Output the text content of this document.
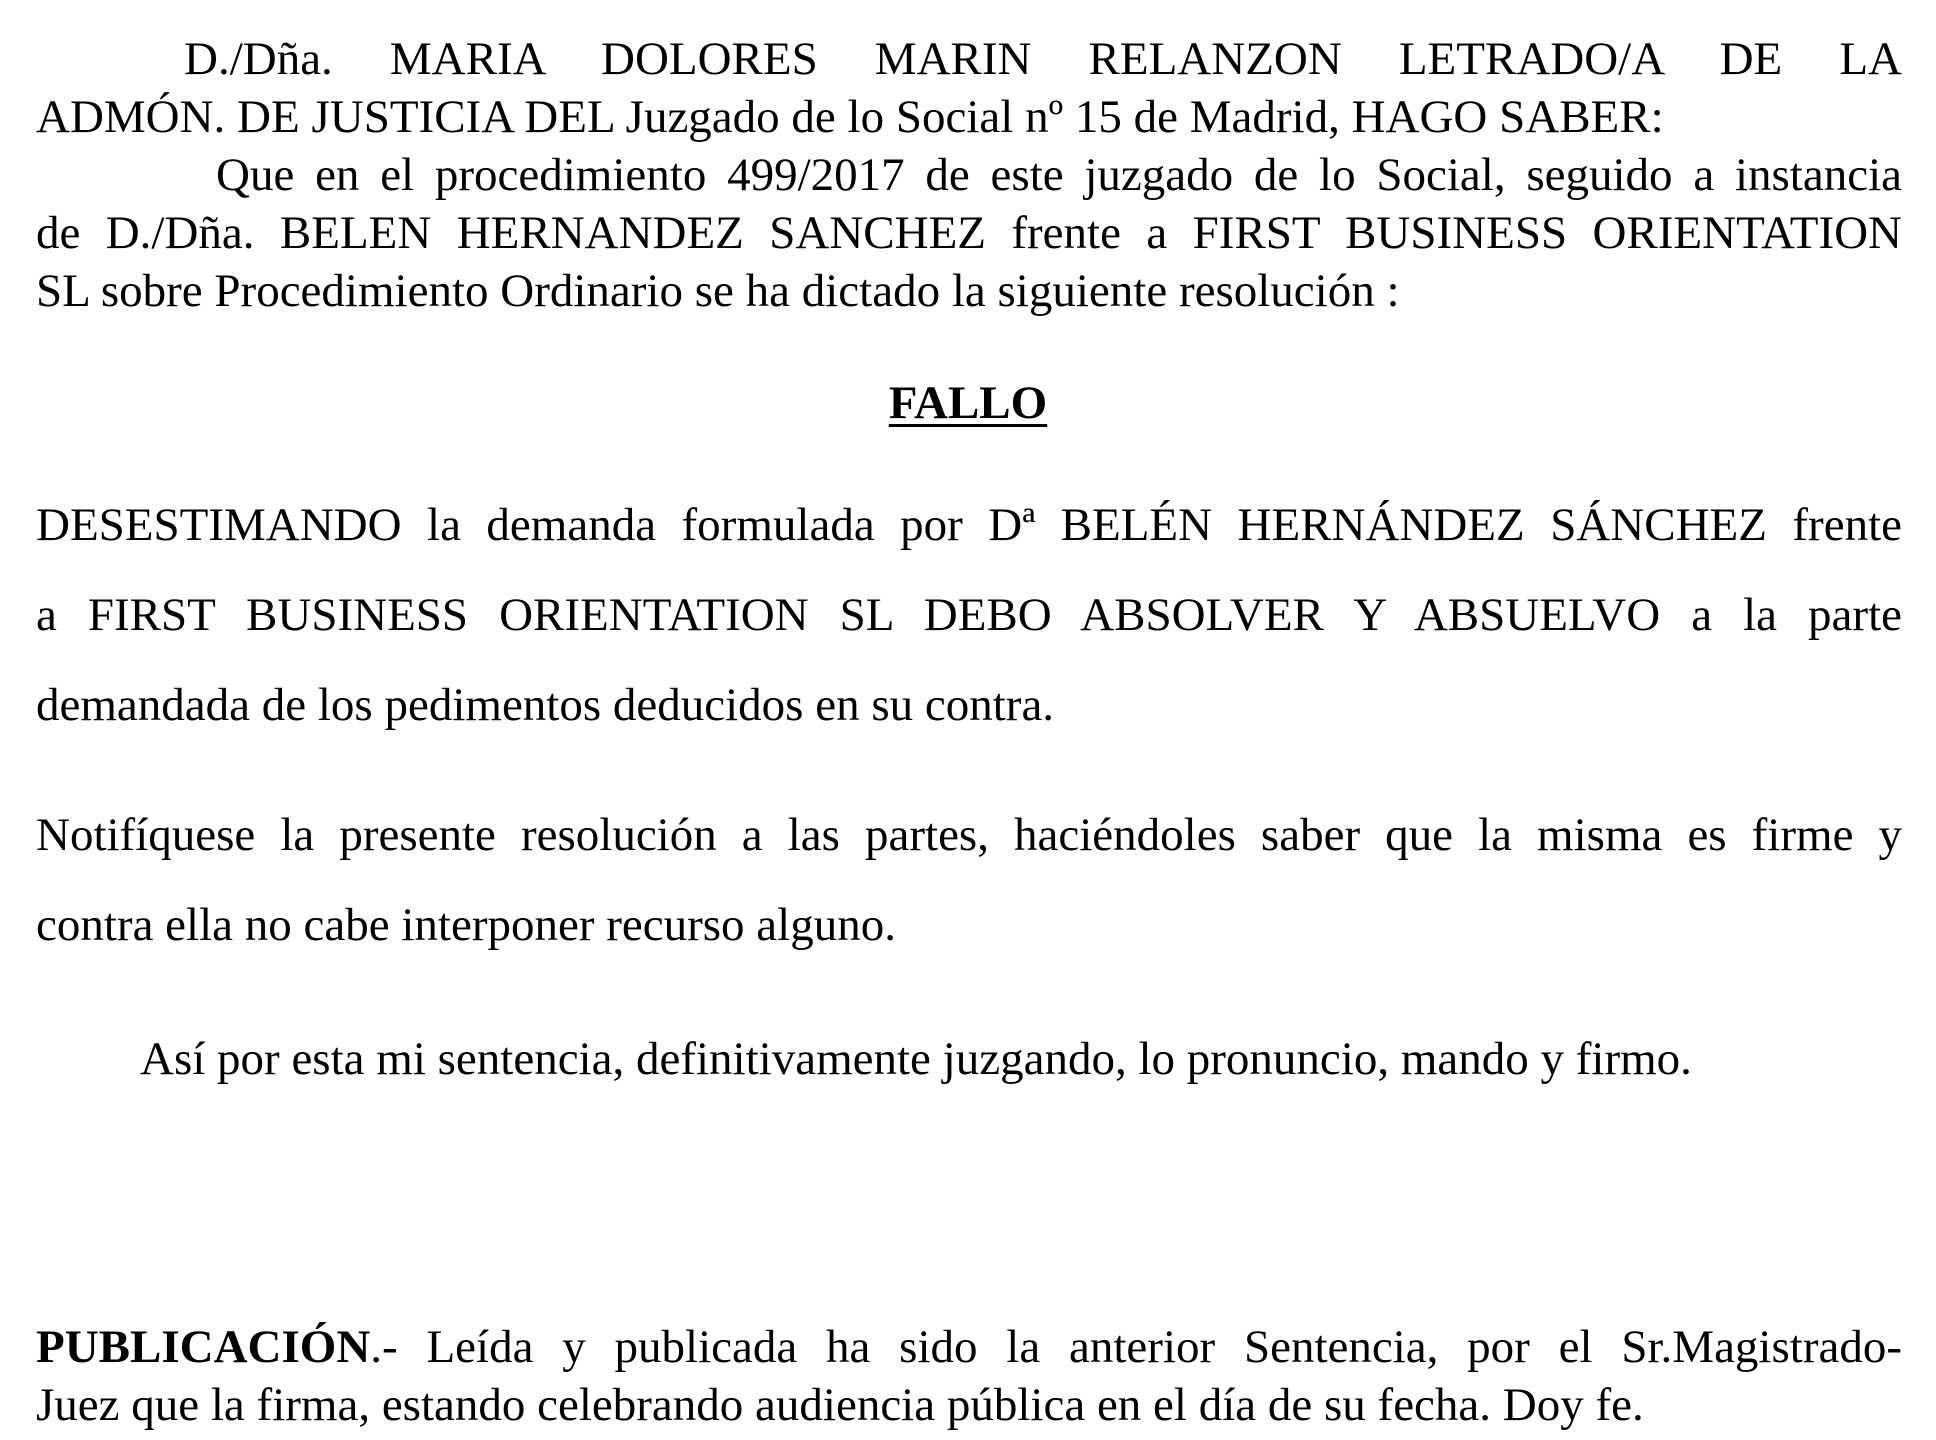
D./Dña. MARIA DOLORES MARIN RELANZON LETRADO/A DE LA
ADMÓN. DE JUSTICIA DEL Juzgado de lo Social nº 15 de Madrid, HAGO SABER:
Que en el procedimiento 499/2017 de este juzgado de lo Social, seguido a instancia
de D./Dña. BELEN HERNANDEZ SANCHEZ frente a FIRST BUSINESS ORIENTATION
SL sobre Procedimiento Ordinario se ha dictado la siguiente resolución :
FALLO
DESESTIMANDO la demanda formulada por Dª BELÉN HERNÁNDEZ SÁNCHEZ frente
a FIRST BUSINESS ORIENTATION SL DEBO ABSOLVER Y ABSUELVO a la parte
demandada de los pedimentos deducidos en su contra.
Notifíquese la presente resolución a las partes, haciéndoles saber que la misma es firme y
contra ella no cabe interponer recurso alguno.
Así por esta mi sentencia, definitivamente juzgando, lo pronuncio, mando y firmo.
PUBLICACIÓN.- Leída y publicada ha sido la anterior Sentencia, por el Sr.Magistrado-
Juez que la firma, estando celebrando audiencia pública en el día de su fecha. Doy fe.
